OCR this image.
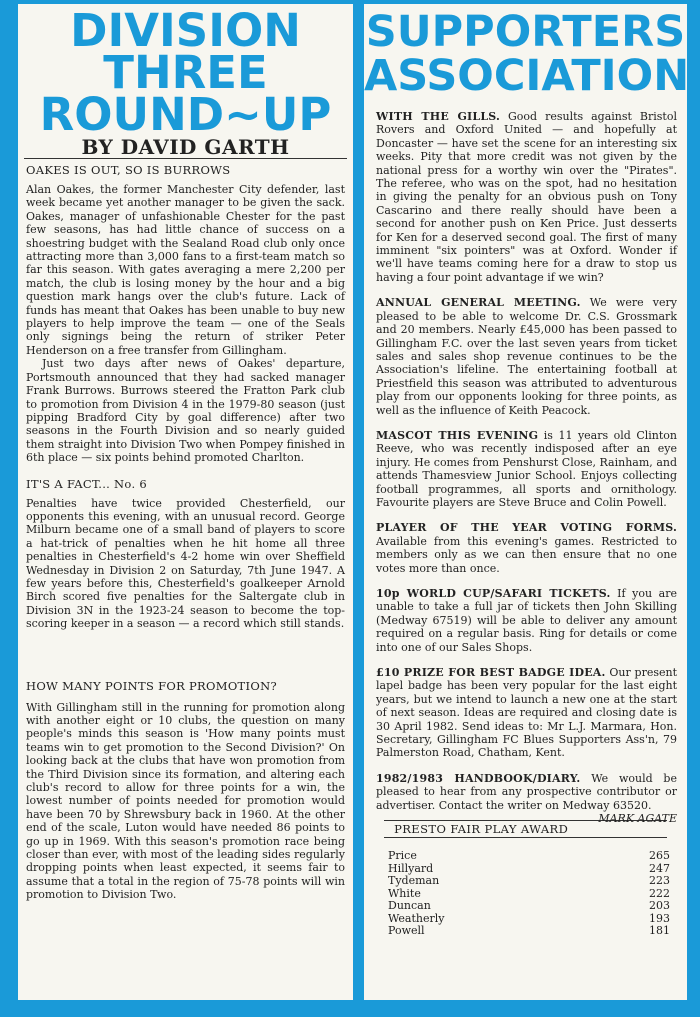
DIVISION

THREE

ROUND~UP

BY DAVID GARTH

OAKES IS OUT, SO IS BURROWS

Alan Oakes, the former Manchester City defender, last week became yet another manager to be given the sack. Oakes, manager of unfashionable Chester for the past few seasons, has had little chance of success on a shoestring budget with the Sealand Road club only once attracting more than 3,000 fans to a first-team match so far this season. With gates averaging a mere 2,200 per match, the club is losing money by the hour and a big question mark hangs over the club's future. Lack of funds has meant that Oakes has been unable to buy new players to help improve the team — one of the Seals only signings being the return of striker Peter Henderson on a free transfer from Gillingham.

Just two days after news of Oakes' departure, Portsmouth announced that they had sacked manager Frank Burrows. Burrows steered the Fratton Park club to promotion from Division 4 in the 1979-80 season (just pipping Bradford City by goal difference) after two seasons in the Fourth Division and so nearly guided them straight into Division Two when Pompey finished in 6th place — six points behind promoted Charlton.

IT'S A FACT... No. 6

Penalties have twice provided Chesterfield, our opponents this evening, with an unusual record. George Milburn became one of a small band of players to score a hat-trick of penalties when he hit home all three penalties in Chesterfield's 4-2 home win over Sheffield Wednesday in Division 2 on Saturday, 7th June 1947. A few years before this, Chesterfield's goalkeeper Arnold Birch scored five penalties for the Saltergate club in Division 3N in the 1923-24 season to become the top-scoring keeper in a season — a record which still stands.

HOW MANY POINTS FOR PROMOTION?

With Gillingham still in the running for promotion along with another eight or 10 clubs, the question on many people's minds this season is 'How many points must teams win to get promotion to the Second Division?' On looking back at the clubs that have won promotion from the Third Division since its formation, and altering each club's record to allow for three points for a win, the lowest number of points needed for promotion would have been 70 by Shrewsbury back in 1960. At the other end of the scale, Luton would have needed 86 points to go up in 1969. With this season's promotion race being closer than ever, with most of the leading sides regularly dropping points when least expected, it seems fair to assume that a total in the region of 75-78 points will win promotion to Division Two.

SUPPORTERS

ASSOCIATION

WITH THE GILLS. Good results against Bristol Rovers and Oxford United — and hopefully at Doncaster — have set the scene for an interesting six weeks. Pity that more credit was not given by the national press for a worthy win over the "Pirates". The referee, who was on the spot, had no hesitation in giving the penalty for an obvious push on Tony Cascarino and there really should have been a second for another push on Ken Price. Just desserts for Ken for a deserved second goal. The first of many imminent "six pointers" was at Oxford. Wonder if we'll have teams coming here for a draw to stop us having a four point advantage if we win?

ANNUAL GENERAL MEETING. We were very pleased to be able to welcome Dr. C.S. Grossmark and 20 members. Nearly £45,000 has been passed to Gillingham F.C. over the last seven years from ticket sales and sales shop revenue continues to be the Association's lifeline. The entertaining football at Priestfield this season was attributed to adventurous play from our opponents looking for three points, as well as the influence of Keith Peacock.

MASCOT THIS EVENING is 11 years old Clinton Reeve, who was recently indisposed after an eye injury. He comes from Penshurst Close, Rainham, and attends Thamesview Junior School. Enjoys collecting football programmes, all sports and ornithology. Favourite players are Steve Bruce and Colin Powell.

PLAYER OF THE YEAR VOTING FORMS. Available from this evening's games. Restricted to members only as we can then ensure that no one votes more than once.

10p WORLD CUP/SAFARI TICKETS. If you are unable to take a full jar of tickets then John Skilling (Medway 67519) will be able to deliver any amount required on a regular basis. Ring for details or come into one of our Sales Shops.

£10 PRIZE FOR BEST BADGE IDEA. Our present lapel badge has been very popular for the last eight years, but we intend to launch a new one at the start of next season. Ideas are required and closing date is 30 April 1982. Send ideas to: Mr L.J. Marmara, Hon. Secretary, Gillingham FC Blues Supporters Ass'n, 79 Palmerston Road, Chatham, Kent.

1982/1983 HANDBOOK/DIARY. We would be pleased to hear from any prospective contributor or advertiser. Contact the writer on Medway 63520.
MARK AGATE

PRESTO FAIR PLAY AWARD

Price	265
Hillyard	247
Tydeman	223
White	222
Duncan	203
Weatherly	193
Powell	181
